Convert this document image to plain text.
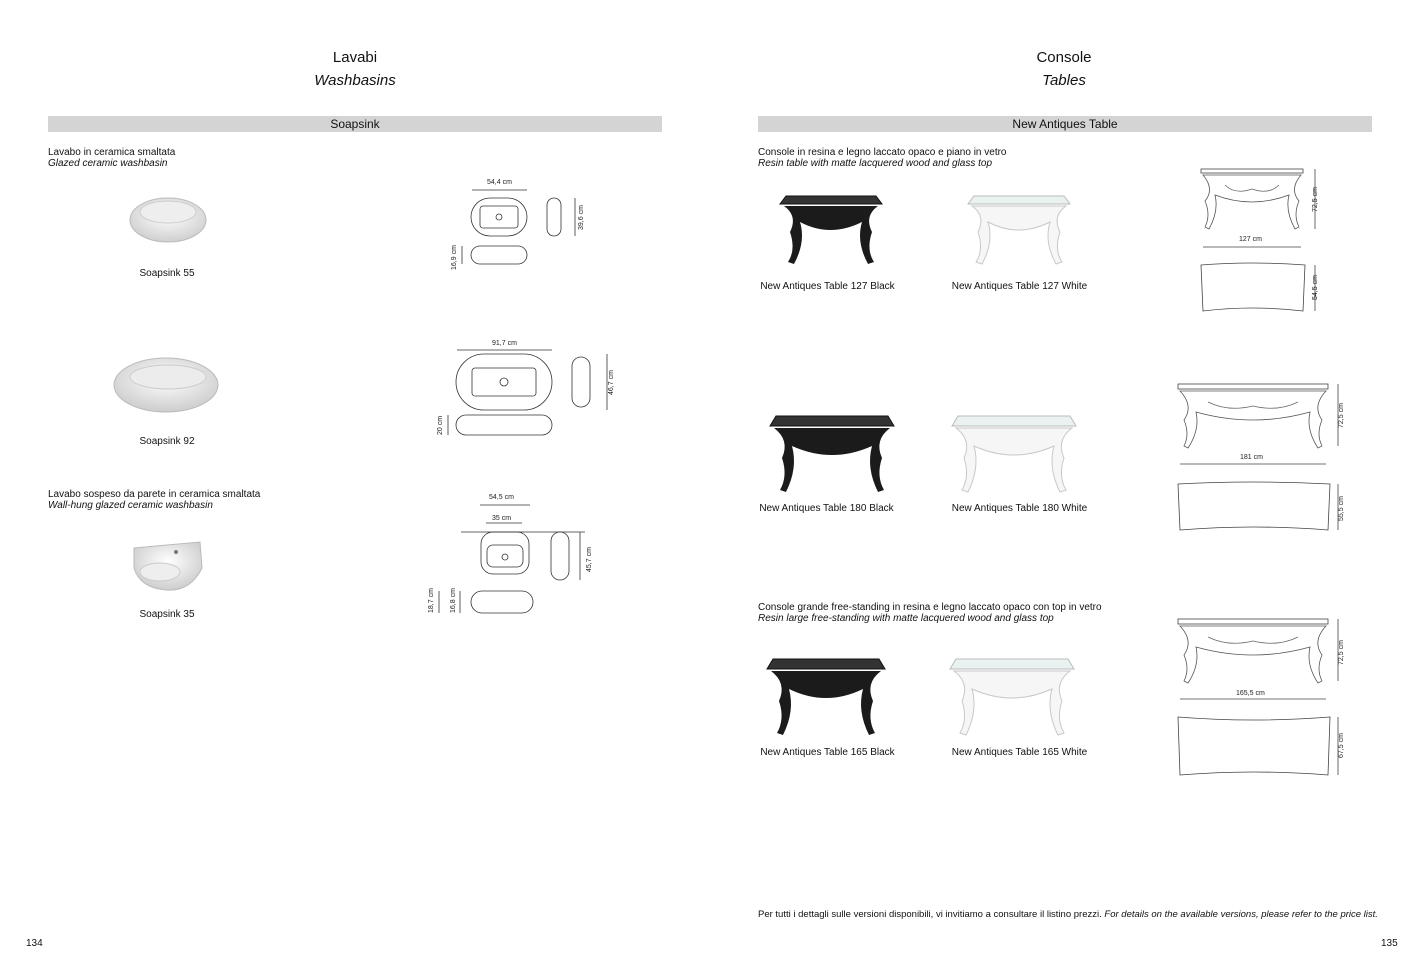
Lavabi
Washbasins
Soapsink
Lavabo in ceramica smaltata
Glazed ceramic washbasin
Lavabo sospeso da parete in ceramica smaltata
Wall-hung glazed ceramic washbasin
Soapsink 55
54,4 cm
39,6 cm
16,9 cm
Soapsink 92
91,7 cm
46,7 cm
20 cm
Soapsink 35
54,5 cm
35 cm
45,7 cm
18,7 cm 16,8 cm
134
Console
Tables
New Antiques Table
Console in resina e legno laccato opaco e piano in vetro
Resin table with matte lacquered wood and glass top
Console grande free-standing in resina e legno laccato opaco con top in vetro
Resin large free-standing with matte lacquered wood and glass top
New Antiques Table 127 Black	New Antiques Table 127 White
127 cm
72,5 cm
54,5 cm
New Antiques Table 180 Black	New Antiques Table 180 White
181 cm
72,5 cm
55,5 cm
New Antiques Table 165 Black	New Antiques Table 165 White
165,5 cm
72,5 cm
67,5 cm
Per tutti i dettagli sulle versioni disponibili, vi invitiamo a consultare il listino prezzi. For details on the available versions, please refer to the price list.
135
